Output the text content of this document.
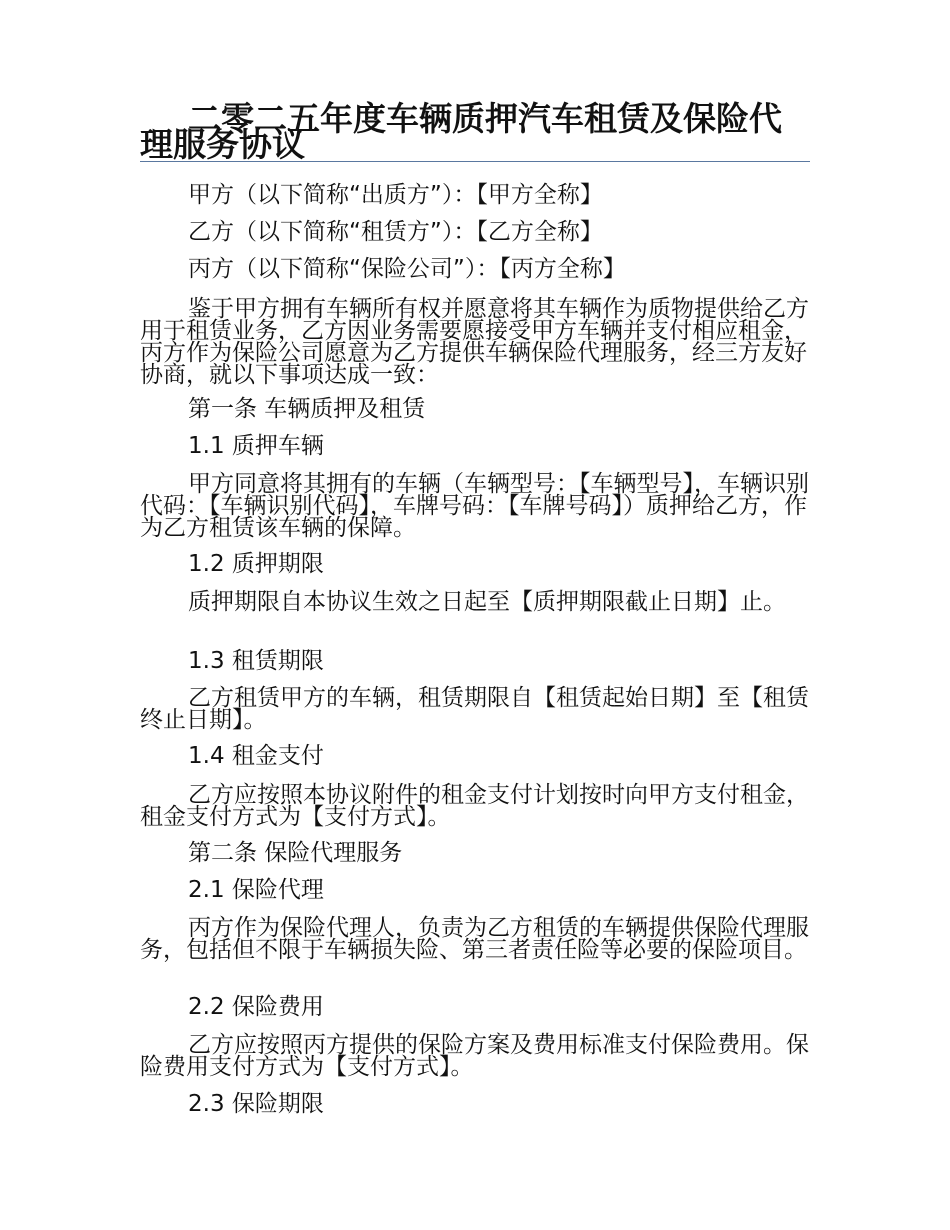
二零二五年度车辆质押汽车租赁及保险代理服务协议

甲方（以下简称“出质方”）：【甲方全称】

乙方（以下简称“租赁方”）：【乙方全称】

丙方（以下简称“保险公司”）：【丙方全称】

鉴于甲方拥有车辆所有权并愿意将其车辆作为质物提供给乙方用于租赁业务，乙方因业务需要愿接受甲方车辆并支付相应租金，丙方作为保险公司愿意为乙方提供车辆保险代理服务，经三方友好协商，就以下事项达成一致：

第一条 车辆质押及租赁

1.1 质押车辆

甲方同意将其拥有的车辆（车辆型号：【车辆型号】，车辆识别代码：【车辆识别代码】，车牌号码：【车牌号码】）质押给乙方，作为乙方租赁该车辆的保障。

1.2 质押期限

质押期限自本协议生效之日起至【质押期限截止日期】止。

1.3 租赁期限

乙方租赁甲方的车辆，租赁期限自【租赁起始日期】至【租赁终止日期】。

1.4 租金支付

乙方应按照本协议附件的租金支付计划按时向甲方支付租金，租金支付方式为【支付方式】。

第二条 保险代理服务

2.1 保险代理

丙方作为保险代理人，负责为乙方租赁的车辆提供保险代理服务，包括但不限于车辆损失险、第三者责任险等必要的保险项目。

2.2 保险费用

乙方应按照丙方提供的保险方案及费用标准支付保险费用。保险费用支付方式为【支付方式】。

2.3 保险期限
